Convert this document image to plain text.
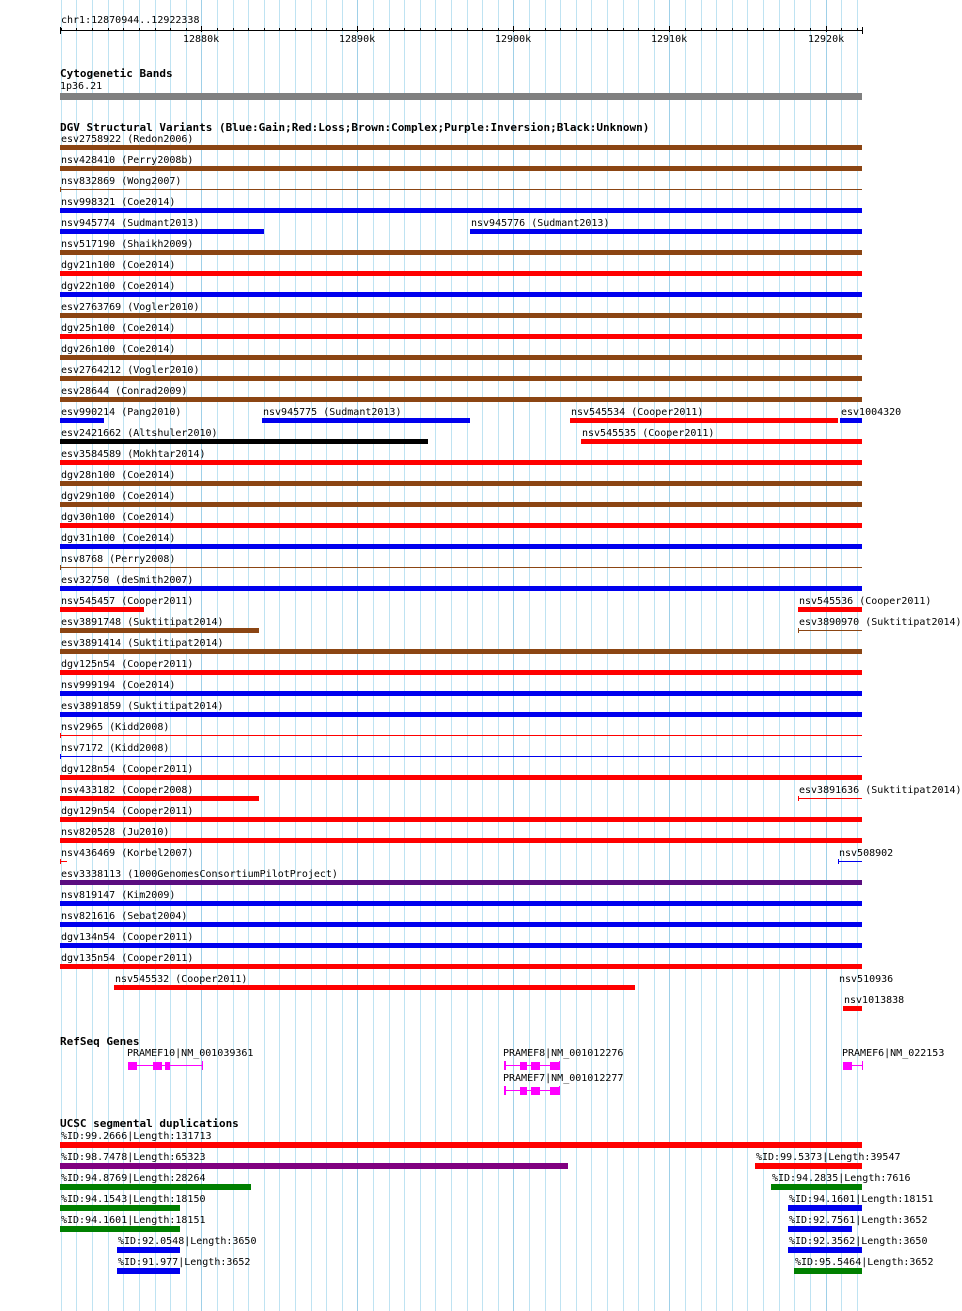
chr1:12870944..12922338
12880k	12890k	12900k	12910k	12920k
Cytogenetic Bands
1p36.21
DGV Structural Variants (Blue:Gain;Red:Loss;Brown:Complex;Purple:Inversion;Black:Unknown)
esv2758922 (Redon2006)
nsv428410 (Perry2008b)
nsv832869 (Wong2007)
nsv998321 (Coe2014)
nsv945774 (Sudmant2013)	nsv945776 (Sudmant2013)
nsv517190 (Shaikh2009)
dgv21n100 (Coe2014)
dgv22n100 (Coe2014)
esv2763769 (Vogler2010)
dgv25n100 (Coe2014)
dgv26n100 (Coe2014)
esv2764212 (Vogler2010)
esv28644 (Conrad2009)
esv990214 (Pang2010)	nsv945775 (Sudmant2013)	nsv545534 (Cooper2011)	esv1004320
esv2421662 (Altshuler2010)	nsv545535 (Cooper2011)
esv3584589 (Mokhtar2014)
dgv28n100 (Coe2014)
dgv29n100 (Coe2014)
dgv30n100 (Coe2014)
dgv31n100 (Coe2014)
nsv8768 (Perry2008)
esv32750 (deSmith2007)
nsv545457 (Cooper2011)	nsv545536 (Cooper2011)
esv3891748 (Suktitipat2014)	esv3890970 (Suktitipat2014)
esv3891414 (Suktitipat2014)
dgv125n54 (Cooper2011)
nsv999194 (Coe2014)
esv3891859 (Suktitipat2014)
nsv2965 (Kidd2008)
nsv7172 (Kidd2008)
dgv128n54 (Cooper2011)
nsv433182 (Cooper2008)	esv3891636 (Suktitipat2014)
dgv129n54 (Cooper2011)
nsv820528 (Ju2010)
nsv436469 (Korbel2007)	nsv508902
esv3338113 (1000GenomesConsortiumPilotProject)
nsv819147 (Kim2009)
nsv821616 (Sebat2004)
dgv134n54 (Cooper2011)
dgv135n54 (Cooper2011)
nsv545532 (Cooper2011)	nsv510936
nsv1013838
RefSeq Genes
PRAMEF10|NM_001039361	PRAMEF8|NM_001012276
PRAMEF7|NM_001012277
PRAMEF6|NM_022153
UCSC segmental duplications
%ID:99.2666|Length:131713
%ID:98.7478|Length:65323	%ID:99.5373|Length:39547
%ID:94.8769|Length:28264	%ID:94.2835|Length:7616
%ID:94.1543|Length:18150	%ID:94.1601|Length:18151
%ID:94.1601|Length:18151	%ID:92.7561|Length:3652
%ID:92.0548|Length:3650	%ID:92.3562|Length:3650
%ID:91.977|Length:3652	%ID:95.5464|Length:3652
